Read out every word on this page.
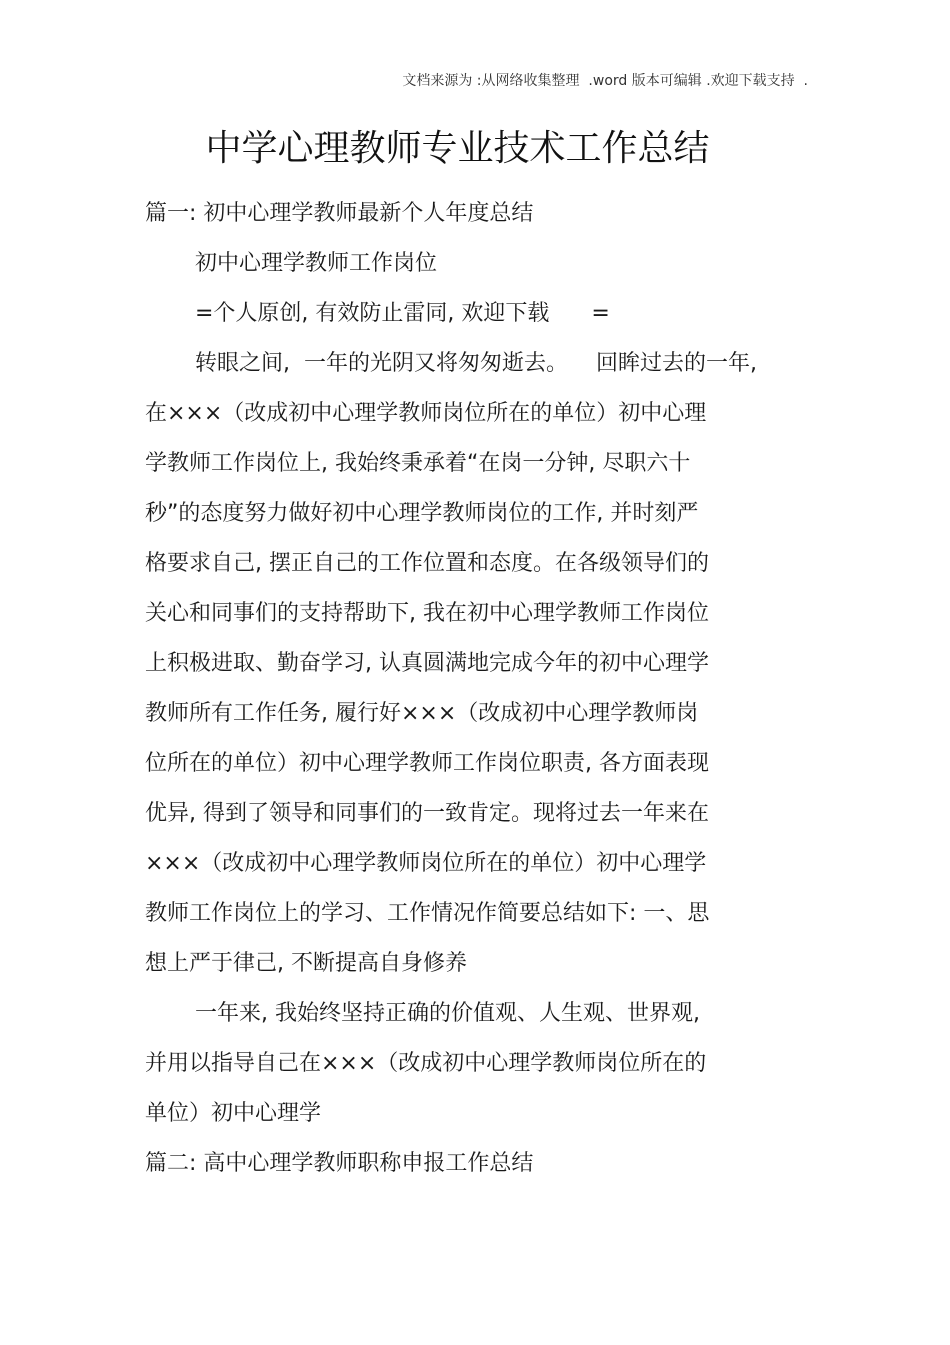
文档来源为 :从网络收集整理  .word 版本可编辑 .欢迎下载支持  .
中学心理教师专业技术工作总结
篇一: 初中心理学教师最新个人年度总结
初中心理学教师工作岗位
=个人原创, 有效防止雷同, 欢迎下载      =
转眼之间,  一年的光阴又将匆匆逝去。    回眸过去的一年,
在×××（改成初中心理学教师岗位所在的单位）初中心理
学教师工作岗位上, 我始终秉承着“在岗一分钟, 尽职六十
秒”的态度努力做好初中心理学教师岗位的工作, 并时刻严
格要求自己, 摆正自己的工作位置和态度。在各级领导们的
关心和同事们的支持帮助下, 我在初中心理学教师工作岗位
上积极进取、勤奋学习, 认真圆满地完成今年的初中心理学
教师所有工作任务, 履行好×××（改成初中心理学教师岗
位所在的单位）初中心理学教师工作岗位职责, 各方面表现
优异, 得到了领导和同事们的一致肯定。现将过去一年来在
×××（改成初中心理学教师岗位所在的单位）初中心理学
教师工作岗位上的学习、工作情况作简要总结如下: 一、思
想上严于律己, 不断提高自身修养
一年来, 我始终坚持正确的价值观、人生观、世界观,
并用以指导自己在×××（改成初中心理学教师岗位所在的
单位）初中心理学
篇二: 高中心理学教师职称申报工作总结
